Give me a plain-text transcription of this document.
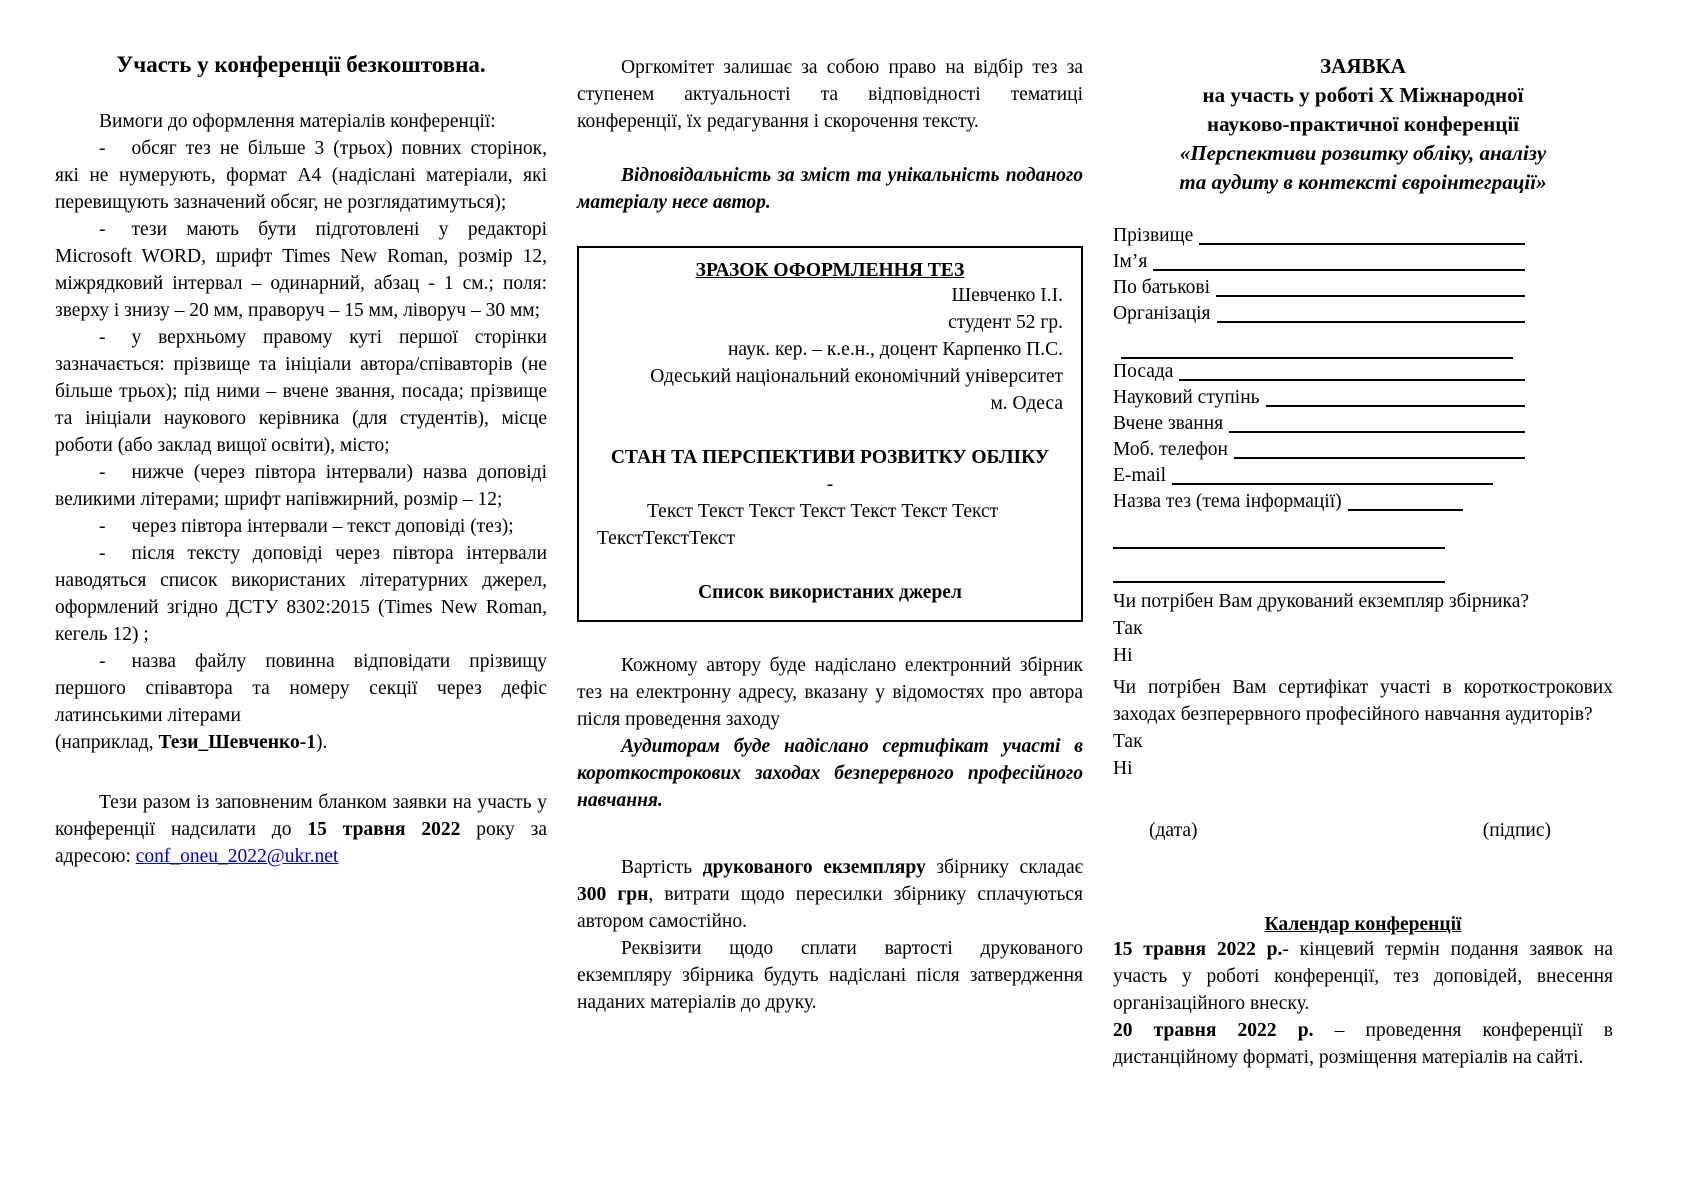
Участь у конференції безкоштовна.

Вимоги до оформлення матеріалів конференції:

- обсяг тез не більше 3 (трьох) повних сторінок, які не нумерують, формат А4 (надіслані матеріали, які перевищують зазначений обсяг, не розглядатимуться);

- тези мають бути підготовлені у редакторі Microsoft WORD, шрифт Times New Roman, розмір 12, міжрядковий інтервал – одинарний, абзац - 1 см.; поля: зверху і знизу – 20 мм, праворуч – 15 мм, ліворуч – 30 мм;

- у верхньому правому куті першої сторінки зазначається: прізвище та ініціали автора/співавторів (не більше трьох); під ними – вчене звання, посада; прізвище та ініціали наукового керівника (для студентів), місце роботи (або заклад вищої освіти), місто;

- нижче (через півтора інтервали) назва доповіді великими літерами; шрифт напівжирний, розмір – 12;

- через півтора інтервали – текст доповіді (тез);

- після тексту доповіді через півтора інтервали наводяться список використаних літературних джерел, оформлений згідно ДСТУ 8302:2015 (Times New Roman, кегель 12) ;

- назва файлу повинна відповідати прізвищу першого співавтора та номеру секції через дефіс латинськими літерами

(наприклад, Тези_Шевченко-1).

Тези разом із заповненим бланком заявки на участь у конференції надсилати до 15 травня 2022 року за адресою: conf_oneu_2022@ukr.net

Оргкомітет залишає за собою право на відбір тез за ступенем актуальності та відповідності тематиці конференції, їх редагування і скорочення тексту.

Відповідальність за зміст та унікальність поданого матеріалу несе автор.

ЗРАЗОК ОФОРМЛЕННЯ ТЕЗ

Шевченко І.І.

студент 52 гр.

наук. кер. – к.е.н., доцент Карпенко П.С.

Одеський національний економічний університет

м. Одеса

СТАН ТА ПЕРСПЕКТИВИ РОЗВИТКУ ОБЛІКУ

-

Текст Текст Текст Текст Текст Текст Текст

ТекстТекстТекст

Список використаних джерел

Кожному автору буде надіслано електронний збірник тез на електронну адресу, вказану у відомостях про автора після проведення заходу

Аудиторам буде надіслано сертифікат участі в короткострокових заходах безперервного професійного навчання.

Вартість друкованого екземпляру збірнику складає 300 грн, витрати щодо пересилки збірнику сплачуються автором самостійно.

Реквізити щодо сплати вартості друкованого екземпляру збірника будуть надіслані після затвердження наданих матеріалів до друку.

ЗАЯВКА
на участь у роботі Х Міжнародної
науково-практичної конференції
«Перспективи розвитку обліку, аналізу
та аудиту в контексті євроінтеграції»
Прізвище
Ім’я
По батькові
Організація
Посада
Науковий ступінь
Вчене звання
Моб. телефон
E-mail
Назва тез (тема інформації)

Чи потрібен Вам друкований екземпляр збірника?

Так

Ні

Чи потрібен Вам сертифікат участі в короткострокових заходах безперервного професійного навчання аудиторів?

Так

Ні

(дата)	(підпис)
Календар конференції

15 травня 2022 р.- кінцевий термін подання заявок на участь у роботі конференції, тез доповідей, внесення організаційного внеску.

20 травня 2022 р. – проведення конференції в дистанційному форматі, розміщення матеріалів на сайті.
